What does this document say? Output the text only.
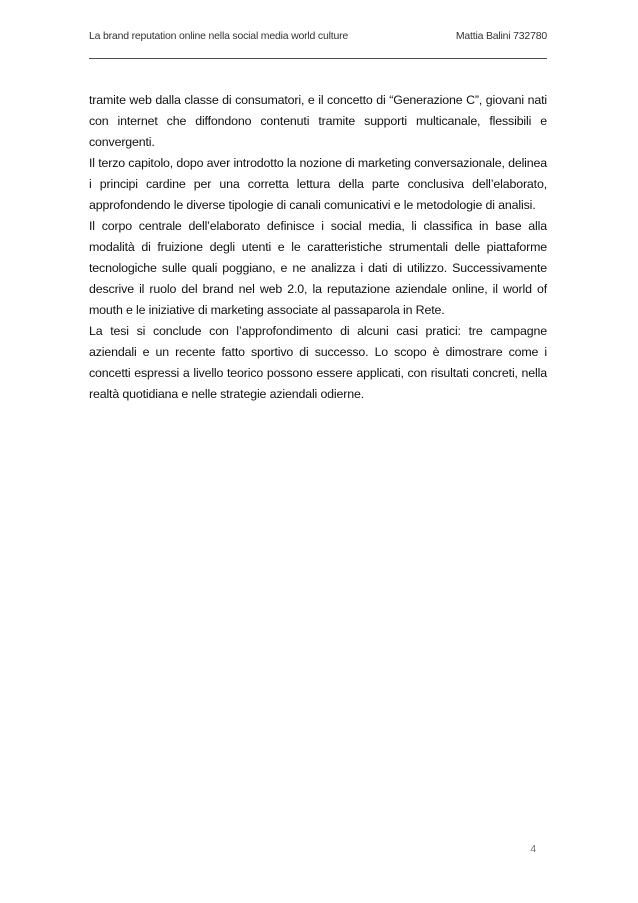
La brand reputation online nella social media world culture	Mattia Balini 732780

tramite web dalla classe di consumatori, e il concetto di “Generazione C”, giovani nati con internet che diffondono contenuti tramite supporti multicanale, flessibili e convergenti.

Il terzo capitolo, dopo aver introdotto la nozione di marketing conversazionale, delinea i principi cardine per una corretta lettura della parte conclusiva dell’elaborato, approfondendo le diverse tipologie di canali comunicativi e le metodologie di analisi.

Il corpo centrale dell’elaborato definisce i social media, li classifica in base alla modalità di fruizione degli utenti e le caratteristiche strumentali delle piattaforme tecnologiche sulle quali poggiano, e ne analizza i dati di utilizzo. Successivamente descrive il ruolo del brand nel web 2.0, la reputazione aziendale online, il world of mouth e le iniziative di marketing associate al passaparola in Rete.

La tesi si conclude con l’approfondimento di alcuni casi pratici: tre campagne aziendali e un recente fatto sportivo di successo. Lo scopo è dimostrare come i concetti espressi a livello teorico possono essere applicati, con risultati concreti, nella realtà quotidiana e nelle strategie aziendali odierne.

4
